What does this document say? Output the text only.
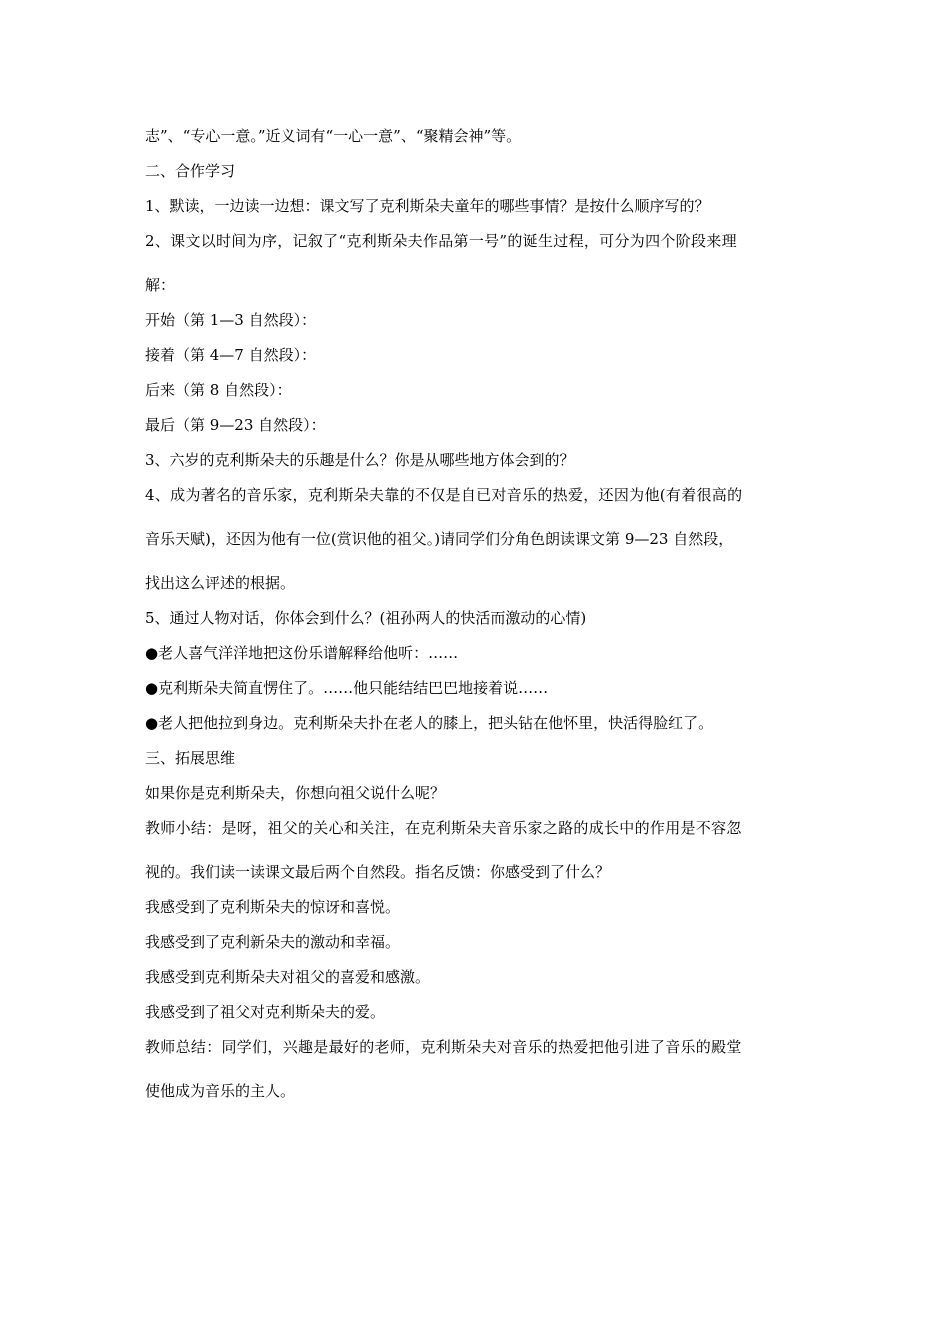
志”、“专心一意。”近义词有“一心一意”、“聚精会神”等。
二、合作学习
1、默读，一边读一边想：课文写了克利斯朵夫童年的哪些事情？是按什么顺序写的？
2、课文以时间为序，记叙了“克利斯朵夫作品第一号”的诞生过程，可分为四个阶段来理
解：
开始（第 1—3 自然段）：
接着（第 4—7 自然段）：
后来（第 8 自然段）：
最后（第 9—23 自然段）：
3、六岁的克利斯朵夫的乐趣是什么？你是从哪些地方体会到的？
4、成为著名的音乐家，克利斯朵夫靠的不仅是自已对音乐的热爱，还因为他(有着很高的
音乐天赋)，还因为他有一位(赏识他的祖父。)请同学们分角色朗读课文第 9—23 自然段，
找出这么评述的根据。
5、通过人物对话，你体会到什么？(祖孙两人的快活而激动的心情)
●老人喜气洋洋地把这份乐谱解释给他听：……
●克利斯朵夫简直愣住了。……他只能结结巴巴地接着说……
●老人把他拉到身边。克利斯朵夫扑在老人的膝上，把头钻在他怀里，快活得脸红了。
三、拓展思维
如果你是克利斯朵夫，你想向祖父说什么呢？
教师小结：是呀，祖父的关心和关注，在克利斯朵夫音乐家之路的成长中的作用是不容忽
视的。我们读一读课文最后两个自然段。指名反馈：你感受到了什么？
我感受到了克利斯朵夫的惊讶和喜悦。
我感受到了克利新朵夫的激动和幸福。
我感受到克利斯朵夫对祖父的喜爱和感激。
我感受到了祖父对克利斯朵夫的爱。
教师总结：同学们，兴趣是最好的老师，克利斯朵夫对音乐的热爱把他引进了音乐的殿堂
使他成为音乐的主人。
